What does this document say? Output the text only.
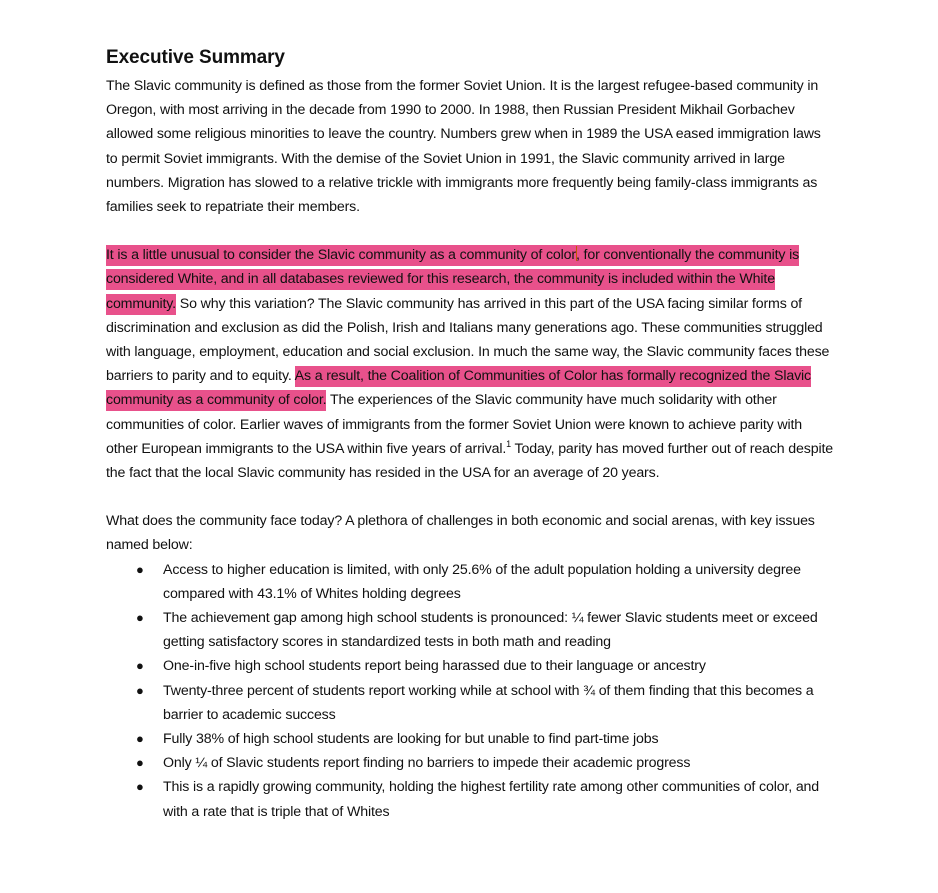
Executive Summary

The Slavic community is defined as those from the former Soviet Union. It is the largest refugee-based community in Oregon, with most arriving in the decade from 1990 to 2000. In 1988, then Russian President Mikhail Gorbachev allowed some religious minorities to leave the country. Numbers grew when in 1989 the USA eased immigration laws to permit Soviet immigrants. With the demise of the Soviet Union in 1991, the Slavic community arrived in large numbers. Migration has slowed to a relative trickle with immigrants more frequently being family-class immigrants as families seek to repatriate their members.

It is a little unusual to consider the Slavic community as a community of color, for conventionally the community is considered White, and in all databases reviewed for this research, the community is included within the White community. So why this variation? The Slavic community has arrived in this part of the USA facing similar forms of discrimination and exclusion as did the Polish, Irish and Italians many generations ago. These communities struggled with language, employment, education and social exclusion. In much the same way, the Slavic community faces these barriers to parity and to equity. As a result, the Coalition of Communities of Color has formally recognized the Slavic community as a community of color. The experiences of the Slavic community have much solidarity with other communities of color. Earlier waves of immigrants from the former Soviet Union were known to achieve parity with other European immigrants to the USA within five years of arrival.$^1$ Today, parity has moved further out of reach despite the fact that the local Slavic community has resided in the USA for an average of 20 years.

What does the community face today? A plethora of challenges in both economic and social arenas, with key issues named below:

● Access to higher education is limited, with only 25.6% of the adult population holding a university degree compared with 43.1% of Whites holding degrees
● The achievement gap among high school students is pronounced: ¼ fewer Slavic students meet or exceed getting satisfactory scores in standardized tests in both math and reading
● One-in-five high school students report being harassed due to their language or ancestry
● Twenty-three percent of students report working while at school with ¾ of them finding that this becomes a barrier to academic success
● Fully 38% of high school students are looking for but unable to find part-time jobs
● Only ¼ of Slavic students report finding no barriers to impede their academic progress
● This is a rapidly growing community, holding the highest fertility rate among other communities of color, and with a rate that is triple that of Whites
